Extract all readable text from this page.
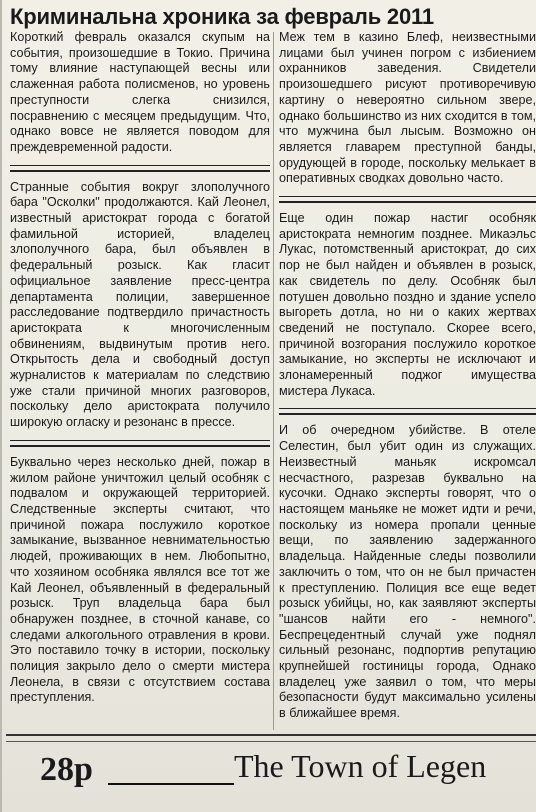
Криминальна хроника за февраль 2011

Короткий февраль оказался скупым на события, произошедшие в Токио. Причина тому влияние наступающей весны или слаженная работа полисменов, но уровень преступности слегка снизился, посравнению с месяцем предыдущим. Что, однако вовсе не является поводом для преждевременной радости.

Странные события вокруг злополучного бара "Осколки" продолжаются. Кай Леонел, известный аристократ города с богатой фамильной историей, владелец злополучного бара, был объявлен в федеральный розыск. Как гласит официальное заявление пресс-центра департамента полиции, завершенное расследование подтвердило причастность аристократа к многочисленным обвинениям, выдвинутым против него. Открытость дела и свободный доступ журналистов к материалам по следствию уже стали причиной многих разговоров, поскольку дело аристократа получило широкую огласку и резонанс в прессе.

Буквально через несколько дней, пожар в жилом районе уничтожил целый особняк с подвалом и окружающей территорией. Следственные эксперты считают, что причиной пожара послужило короткое замыкание, вызванное невнимательностью людей, проживающих в нем. Любопытно, что хозяином особняка являлся все тот же Кай Леонел, объявленный в федеральный розыск. Труп владельца бара был обнаружен позднее, в сточной канаве, со следами алкогольного отравления в крови. Это поставило точку в истории, поскольку полиция закрыло дело о смерти мистера Леонела, в связи с отсутствием состава преступления.

Меж тем в казино Блеф, неизвестными лицами был учинен погром с избиением охранников заведения. Свидетели произошедшего рисуют противоречивую картину о невероятно сильном звере, однако большинство из них сходится в том, что мужчина был лысым. Возможно он является главарем преступной банды, орудующей в городе, поскольку мелькает в оперативных сводках довольно часто.

Еще один пожар настиг особняк аристократа немногим позднее. Микаэльс Лукас, потомственный аристократ, до сих пор не был найден и объявлен в розыск, как свидетель по делу. Особняк был потушен довольно поздно и здание успело выгореть дотла, но ни о каких жертвах сведений не поступало. Скорее всего, причиной возгорания послужило короткое замыкание, но эксперты не исключают и злонамеренный поджог имущества мистера Лукаса.

И об очередном убийстве. В отеле Селестин, был убит один из служащих. Неизвестный маньяк искромсал несчастного, разрезав буквально на кусочки. Однако эксперты говорят, что о настоящем маньяке не может идти и речи, поскольку из номера пропали ценные вещи, по заявлению задержанного владельца. Найденные следы позволили заключить о том, что он не был причастен к преступлению. Полиция все еще ведет розыск убийцы, но, как заявляют эксперты "шансов найти его - немного". Беспрецедентный случай уже поднял сильный резонанс, подпортив репутацию крупнейшей гостиницы города, Однако владелец уже заявил о том, что меры безопасности будут максимально усилены в ближайшее время.

28р	The Town of Legen
